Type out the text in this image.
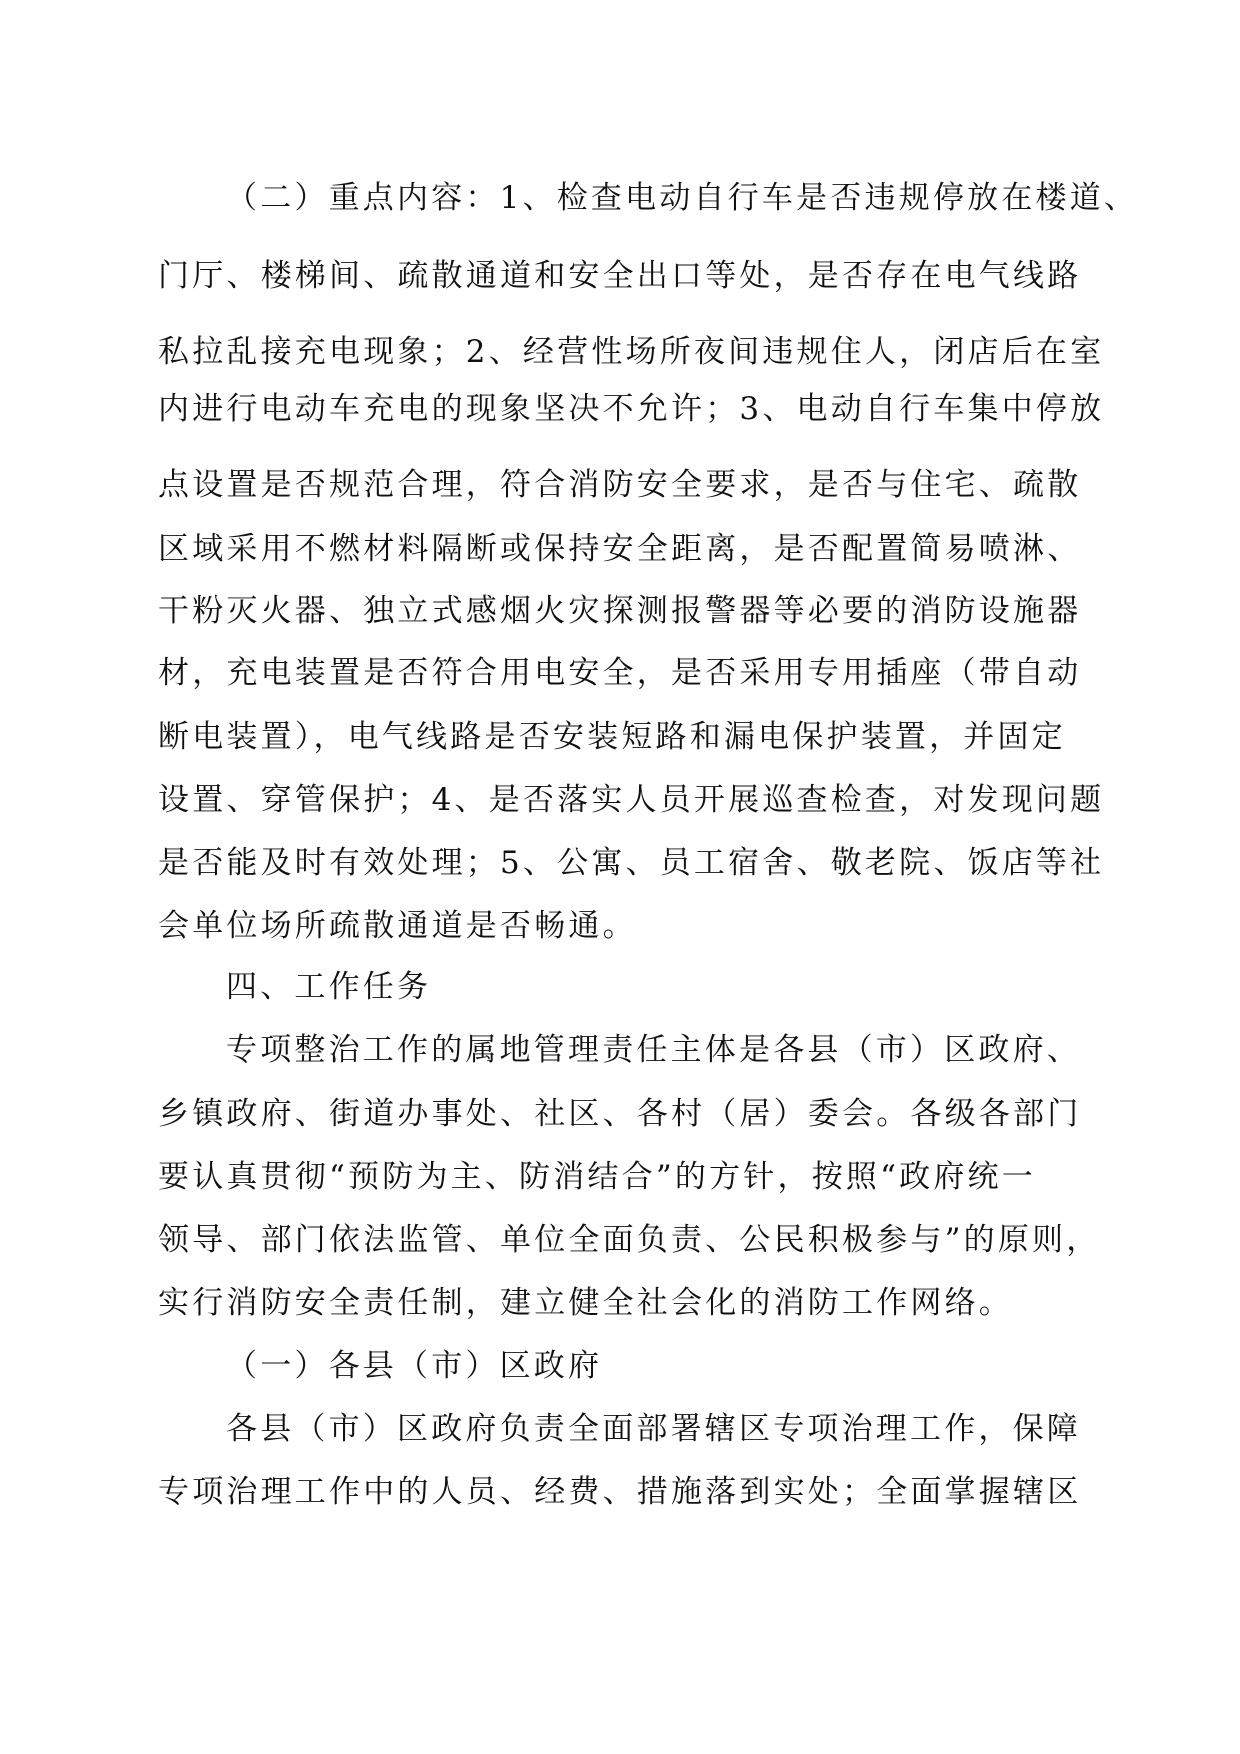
（二）重点内容：1、检查电动自行车是否违规停放在楼道、
门厅、楼梯间、疏散通道和安全出口等处，是否存在电气线路
私拉乱接充电现象；2、经营性场所夜间违规住人，闭店后在室
内进行电动车充电的现象坚决不允许；3、电动自行车集中停放
点设置是否规范合理，符合消防安全要求，是否与住宅、疏散
区域采用不燃材料隔断或保持安全距离，是否配置简易喷淋、
干粉灭火器、独立式感烟火灾探测报警器等必要的消防设施器
材，充电装置是否符合用电安全，是否采用专用插座（带自动
断电装置），电气线路是否安装短路和漏电保护装置，并固定
设置、穿管保护；4、是否落实人员开展巡查检查，对发现问题
是否能及时有效处理；5、公寓、员工宿舍、敬老院、饭店等社
会单位场所疏散通道是否畅通。
四、工作任务
专项整治工作的属地管理责任主体是各县（市）区政府、
乡镇政府、街道办事处、社区、各村（居）委会。各级各部门
要认真贯彻“预防为主、防消结合”的方针，按照“政府统一
领导、部门依法监管、单位全面负责、公民积极参与”的原则，
实行消防安全责任制，建立健全社会化的消防工作网络。
（一）各县（市）区政府
各县（市）区政府负责全面部署辖区专项治理工作，保障
专项治理工作中的人员、经费、措施落到实处；全面掌握辖区
